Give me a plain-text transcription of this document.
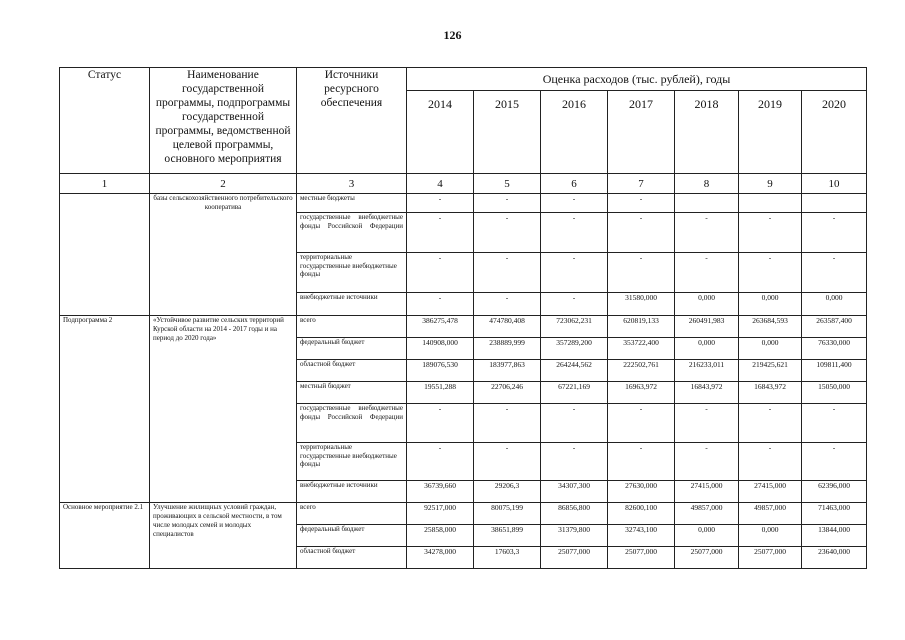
126
Статус	Наименование государственной программы, подпрограммы государственной программы, ведомственной целевой программы, основного мероприятия	Источники ресурсного обеспечения	Оценка расходов (тыс. рублей), годы						
			2014	2015	2016	2017	2018	2019	2020
1	2	3	4	5	6	7	8	9	10
	базы сельскохозяйственного потребительского кооператива	местные бюджеты	-	-	-	-			
		государственные внебюджетные фонды Российской Федерации	-	-	-	-	-	-	-
		территориальные государственные внебюджетные фонды	-	-	-	-	-	-	-
		внебюджетные источники	-	-	-	31580,000	0,000	0,000	0,000
Подпрограмма 2	«Устойчивое развитие сельских территорий Курской области на 2014 - 2017 годы и на период до 2020 года»	всего	386275,478	474780,408	723062,231	620819,133	260491,983	263684,593	263587,400
		федеральный бюджет	140908,000	238889,999	357289,200	353722,400	0,000	0,000	76330,000
		областной бюджет	189076,530	183977,863	264244,562	222502,761	216233,011	219425,621	109811,400
		местный бюджет	19551,288	22706,246	67221,169	16963,972	16843,972	16843,972	15050,000
		государственные внебюджетные фонды Российской Федерации	-	-	-	-	-	-	-
		территориальные государственные внебюджетные фонды	-	-	-	-	-	-	-
		внебюджетные источники	36739,660	29206,3	34307,300	27630,000	27415,000	27415,000	62396,000
Основное мероприятие 2.1	Улучшение жилищных условий граждан, проживающих в сельской местности, в том числе молодых семей и молодых специалистов	всего	92517,000	80075,199	86856,800	82600,100	49857,000	49857,000	71463,000
		федеральный бюджет	25858,000	38651,899	31379,800	32743,100	0,000	0,000	13844,000
		областной бюджет	34278,000	17603,3	25077,000	25077,000	25077,000	25077,000	23640,000
